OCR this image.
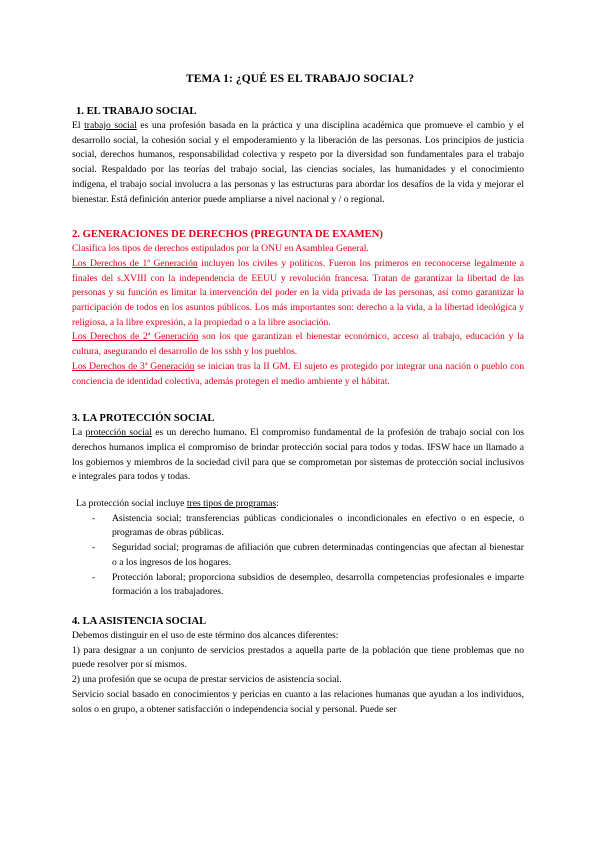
TEMA 1: ¿QUÉ ES EL TRABAJO SOCIAL?
1. EL TRABAJO SOCIAL

El trabajo social es una profesión basada en la práctica y una disciplina académica que promueve el cambio y el desarrollo social, la cohesión social y el empoderamiento y la liberación de las personas. Los principios de justicia social, derechos humanos, responsabilidad colectiva y respeto por la diversidad son fundamentales para el trabajo social. Respaldado por las teorías del trabajo social, las ciencias sociales, las humanidades y el conocimiento indígena, el trabajo social involucra a las personas y las estructuras para abordar los desafíos de la vida y mejorar el bienestar. Está definición anterior puede ampliarse a nivel nacional y / o regional.

2. GENERACIONES DE DERECHOS (PREGUNTA DE EXAMEN)

Clasifica los tipos de derechos estipulados por la ONU en Asamblea General.

Los Derechos de 1ª Generación incluyen los civiles y políticos. Fueron los primeros en reconocerse legalmente a finales del s.XVIII con la independencia de EEUU y revolución francesa. Tratan de garantizar la libertad de las personas y su función es limitar la intervención del poder en la vida privada de las personas, así como garantizar la participación de todos en los asuntos públicos. Los más importantes son: derecho a la vida, a la libertad ideológica y religiosa, a la libre expresión, a la propiedad o a la libre asociación.

Los Derechos de 2ª Generación son los que garantizan el bienestar económico, acceso al trabajo, educación y la cultura, asegurando el desarrollo de los sshh y los pueblos.

Los Derechos de 3ª Generación se inician tras la II GM. El sujeto es protegido por integrar una nación o pueblo con conciencia de identidad colectiva, además protegen el medio ambiente y el hábitat.

3. LA PROTECCIÓN SOCIAL

La protección social es un derecho humano. El compromiso fundamental de la profesión de trabajo social con los derechos humanos implica el compromiso de brindar protección social para todos y todas. IFSW hace un llamado a los gobiernos y miembros de la sociedad civil para que se comprometan por sistemas de protección social inclusivos e integrales para todos y todas.

La protección social incluye tres tipos de programas:

- Asistencia social; transferencias públicas condicionales o incondicionales en efectivo o en especie, o programas de obras públicas.
- Seguridad social; programas de afiliación que cubren determinadas contingencias que afectan al bienestar o a los ingresos de los hogares.
- Protección laboral; proporciona subsidios de desempleo, desarrolla competencias profesionales e imparte formación a los trabajadores.
4. LA ASISTENCIA SOCIAL

Debemos distinguir en el uso de este término dos alcances diferentes:

1) para designar a un conjunto de servicios prestados a aquella parte de la población que tiene problemas que no puede resolver por sí mismos.

2) una profesión que se ocupa de prestar servicios de asistencia social.

Servicio social basado en conocimientos y pericias en cuanto a las relaciones humanas que ayudan a los individuos, solos o en grupo, a obtener satisfacción o independencia social y personal. Puede ser
